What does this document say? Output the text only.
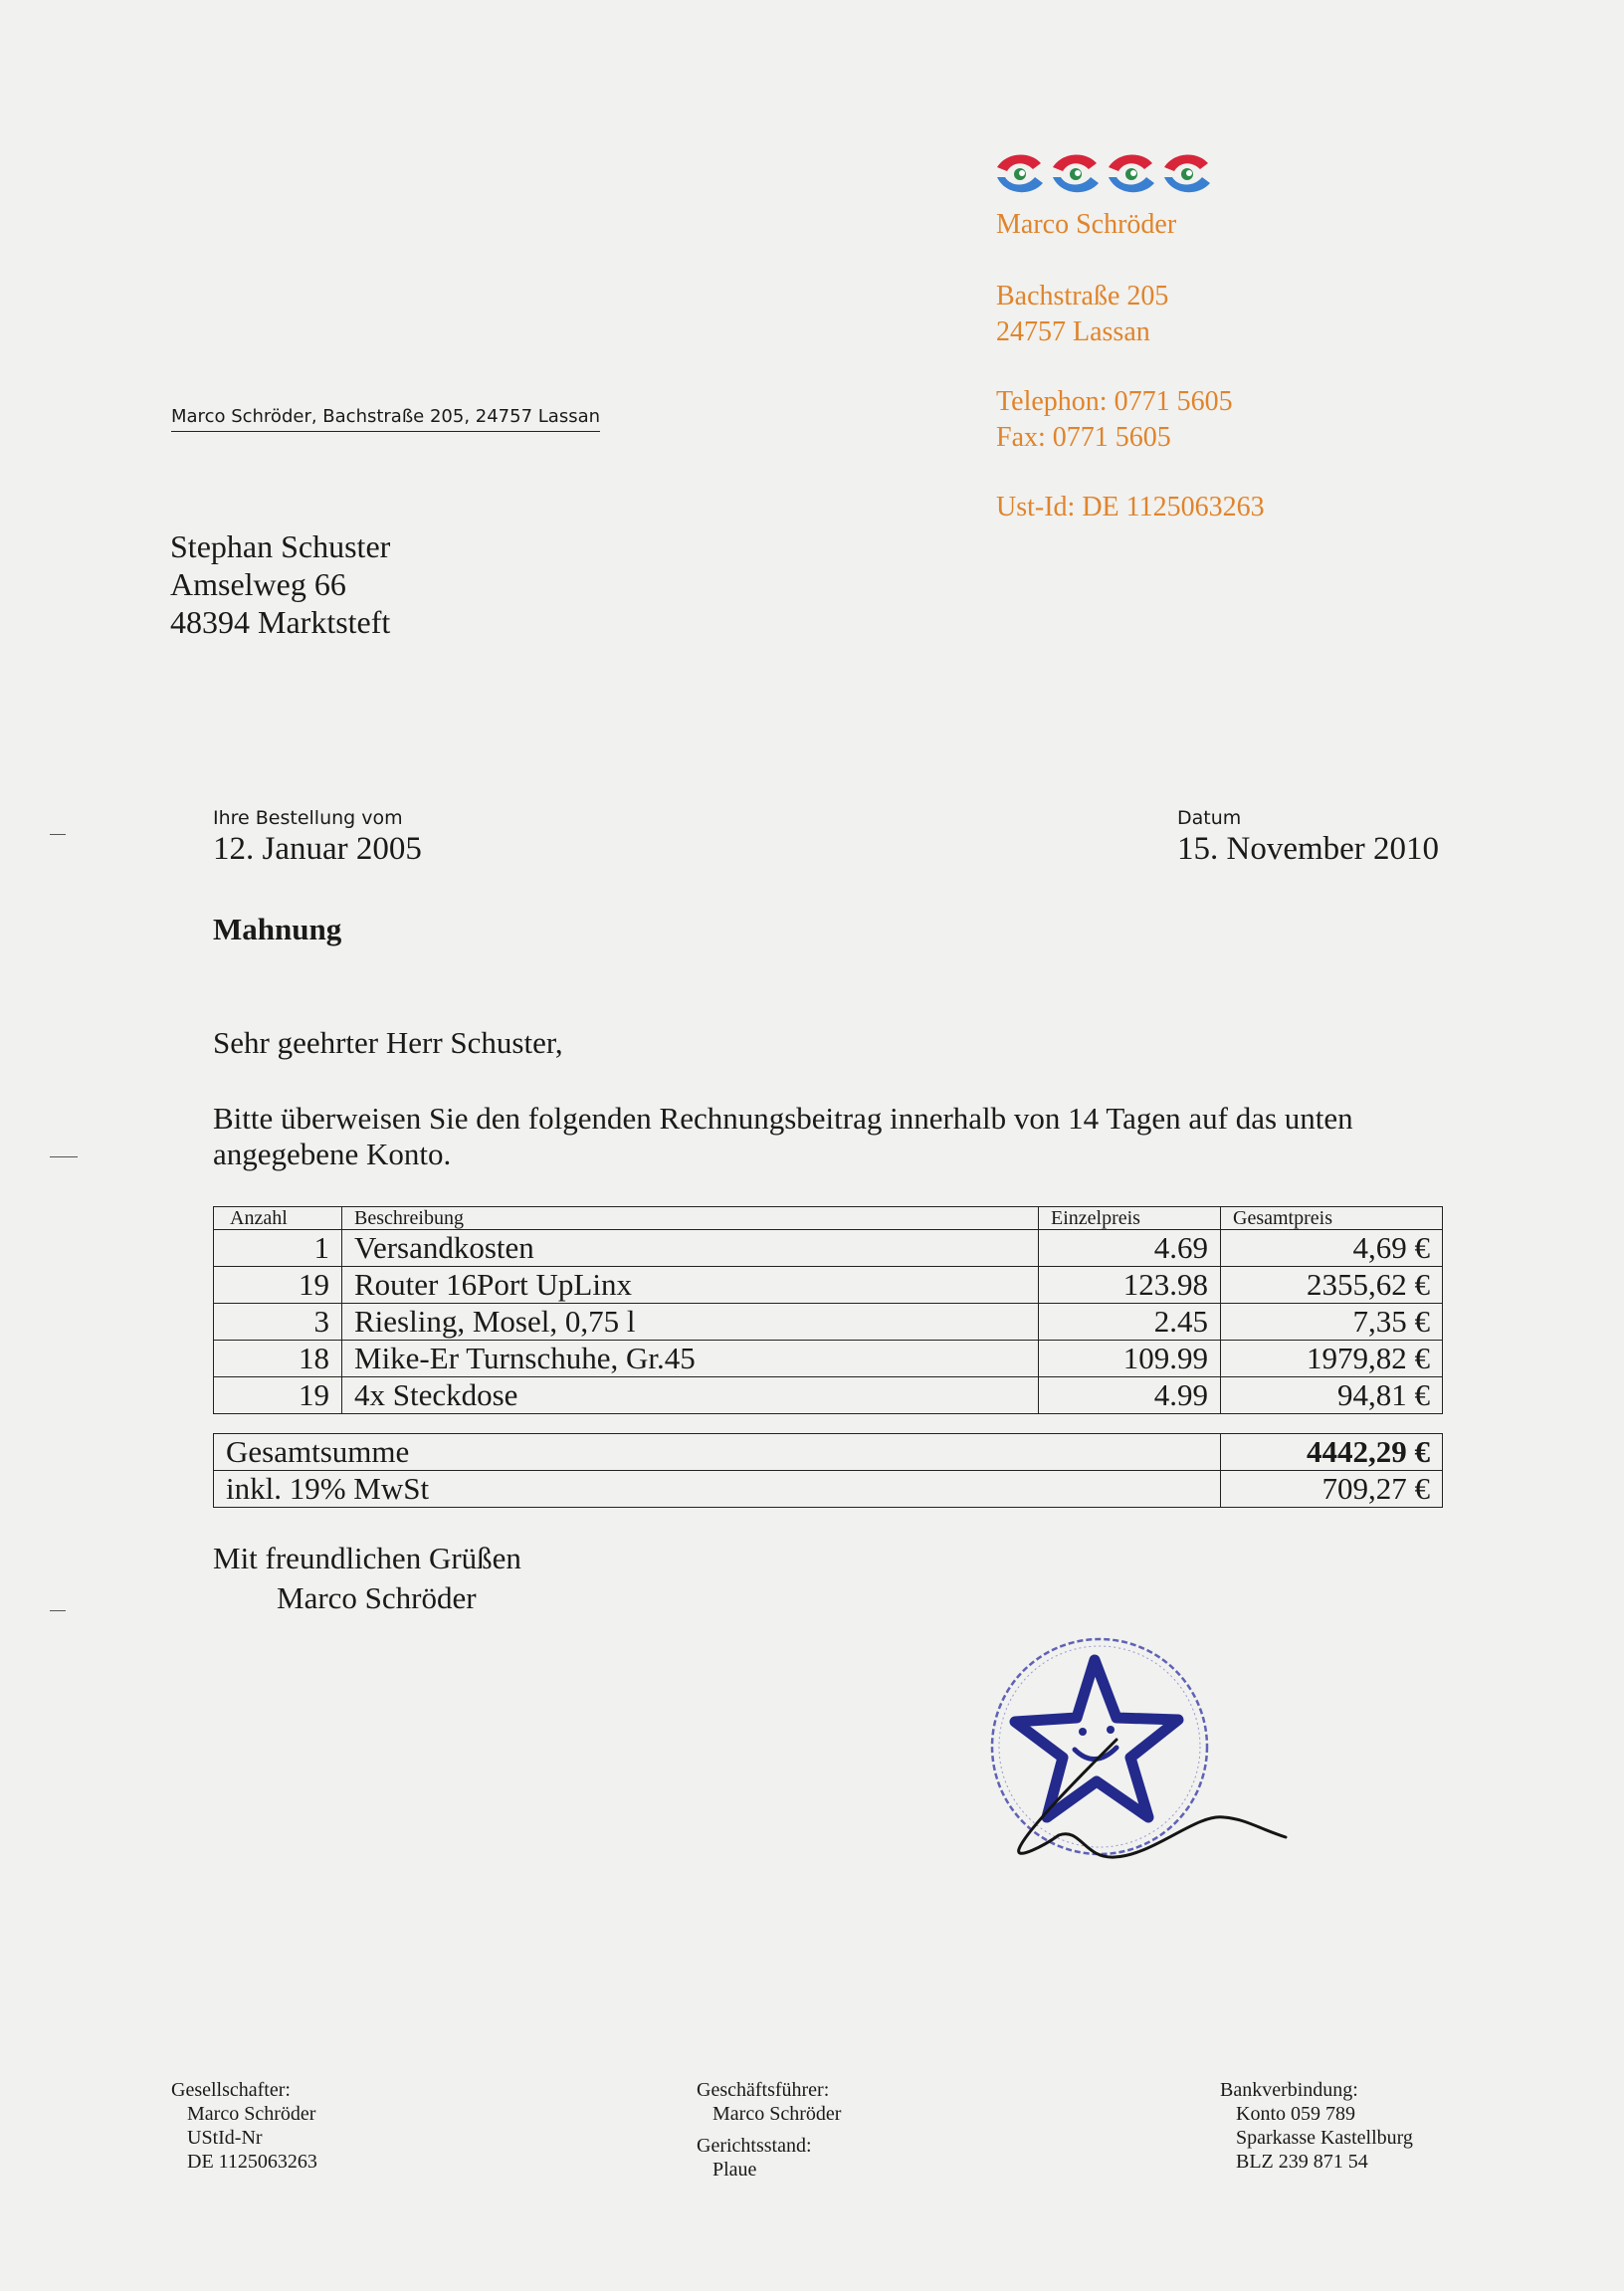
Marco Schröder
Bachstraße 205
24757 Lassan
Telephon: 0771 5605
Fax: 0771 5605
Ust-Id: DE 1125063263
Marco Schröder, Bachstraße 205, 24757 Lassan
Stephan Schuster
Amselweg 66
48394 Marktsteft
Ihre Bestellung vom
12. Januar 2005
Datum
15. November 2010
Mahnung
Sehr geehrter Herr Schuster,
Bitte überweisen Sie den folgenden Rechnungsbeitrag innerhalb von 14 Tagen auf das unten angegebene Konto.
Anzahl	Beschreibung	Einzelpreis	Gesamtpreis
1	Versandkosten	4.69	4,69 €
19	Router 16Port UpLinx	123.98	2355,62 €
3	Riesling, Mosel, 0,75 l	2.45	7,35 €
18	Mike-Er Turnschuhe, Gr.45	109.99	1979,82 €
19	4x Steckdose	4.99	94,81 €
Gesamtsumme	4442,29 €
inkl. 19% MwSt	709,27 €
Mit freundlichen Grüßen
Marco Schröder
Gesellschafter:
Marco Schröder
UStId-Nr
DE 1125063263
Geschäftsführer:
Marco Schröder
Gerichtsstand:
Plaue
Bankverbindung:
Konto 059 789
Sparkasse Kastellburg
BLZ 239 871 54
